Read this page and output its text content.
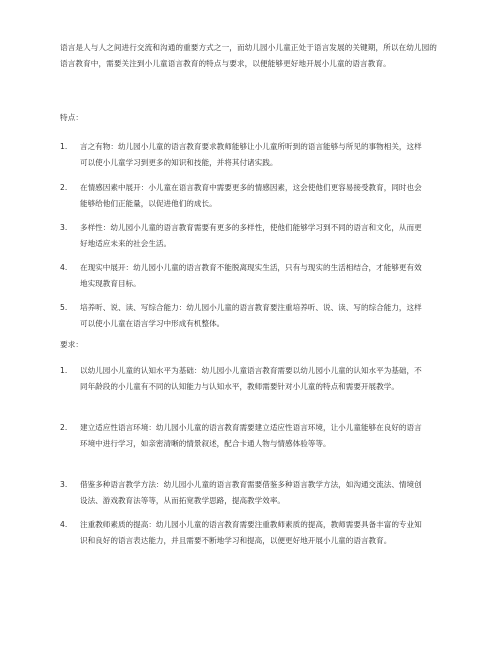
语言是人与人之间进行交流和沟通的重要方式之一，而幼儿园小儿童正处于语言发展的关键期，所以在幼儿园的语言教育中，需要关注到小儿童语言教育的特点与要求，以便能够更好地开展小儿童的语言教育。
特点：
1.	言之有物：幼儿园小儿童的语言教育要求教师能够让小儿童所听到的语言能够与所见的事物相关，这样可以使小儿童学习到更多的知识和技能，并将其付诸实践。
2.	在情感因素中展开：小儿童在语言教育中需要更多的情感因素，这会使他们更容易接受教育，同时也会能够给他们正能量，以促进他们的成长。
3.	多样性：幼儿园小儿童的语言教育需要有更多的多样性，使他们能够学习到不同的语言和文化，从而更好地适应未来的社会生活。
4.	在现实中展开：幼儿园小儿童的语言教育不能脱离现实生活，只有与现实的生活相结合，才能够更有效地实现教育目标。
5.	培养听、说、读、写综合能力：幼儿园小儿童的语言教育要注重培养听、说、读、写的综合能力，这样可以使小儿童在语言学习中形成有机整体。
要求：
1.	以幼儿园小儿童的认知水平为基础：幼儿园小儿童语言教育需要以幼儿园小儿童的认知水平为基础，不同年龄段的小儿童有不同的认知能力与认知水平，教师需要针对小儿童的特点和需要开展教学。
2.	建立适应性语言环境：幼儿园小儿童的语言教育需要建立适应性语言环境，让小儿童能够在良好的语言环境中进行学习，如亲密清晰的情景叙述，配合卡通人物与情感体验等等。
3.	借鉴多种语言教学方法：幼儿园小儿童的语言教育需要借鉴多种语言教学方法，如沟通交流法、情境创设法、游戏教育法等等，从而拓宽教学思路，提高教学效率。
4.	注重教师素质的提高：幼儿园小儿童的语言教育需要注重教师素质的提高，教师需要具备丰富的专业知识和良好的语言表达能力，并且需要不断地学习和提高，以便更好地开展小儿童的语言教育。
